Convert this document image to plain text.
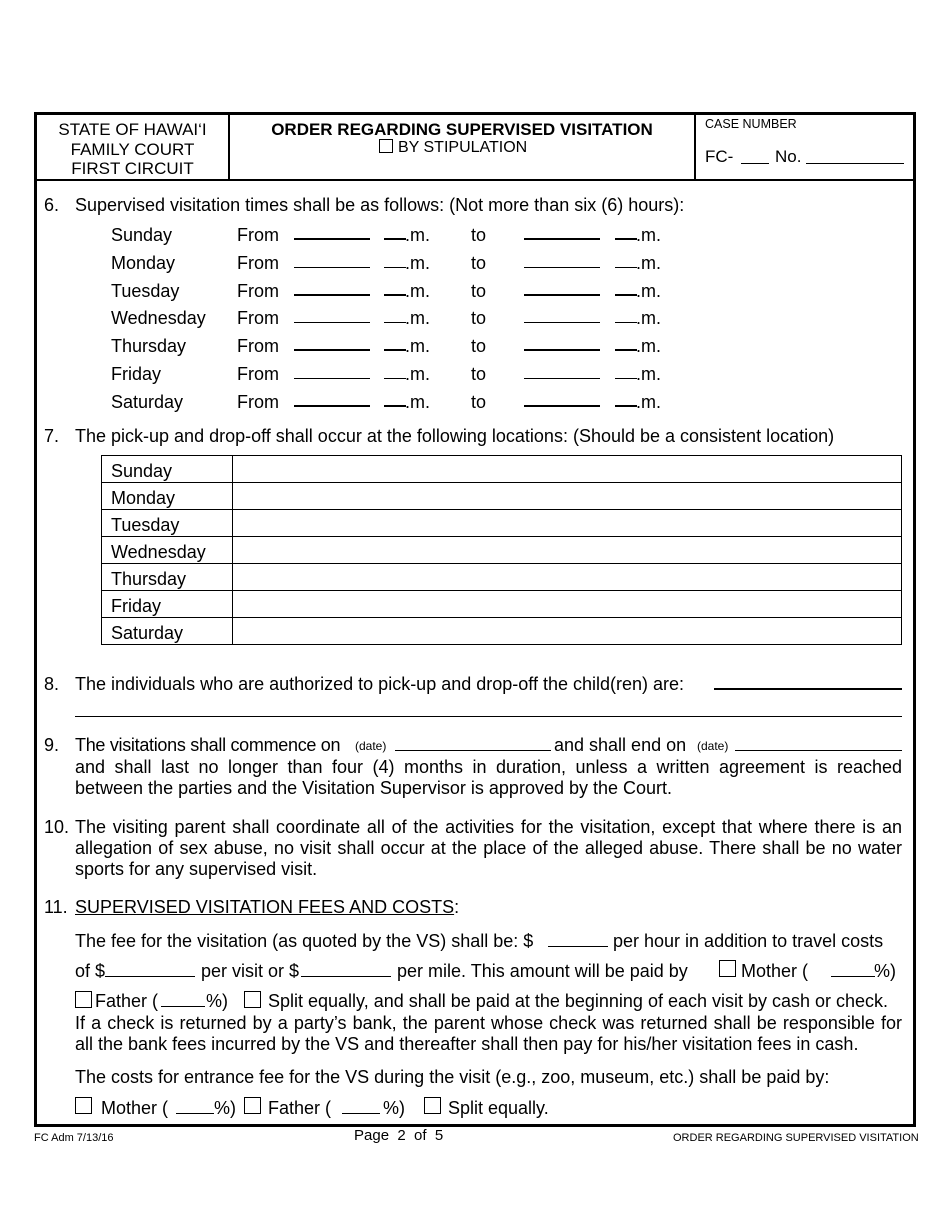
STATE OF HAWAI‘I
FAMILY COURT
FIRST CIRCUIT
ORDER REGARDING SUPERVISED VISITATION
BY STIPULATION
CASE NUMBER
FC- No.
6. Supervised visitation times shall be as follows: (Not more than six (6) hours):
Sunday	From	.m. to	.m.
Monday	From	.m. to	.m.
Tuesday	From	.m. to	.m.
Wednesday From	.m. to	.m.
Thursday	From	.m. to	.m.
Friday	From	.m. to	.m.
Saturday	From	.m. to	.m.
7. The pick-up and drop-off shall occur at the following locations: (Should be a consistent location)
Sunday	
Monday	
Tuesday	
Wednesday	
Thursday	
Friday	
Saturday	
8. The individuals who are authorized to pick-up and drop-off the child(ren) are:
9. The visitations shall commence on (date)	and shall end on (date)
and shall last no longer than four (4) months in duration, unless a written agreement is reached between the parties and the Visitation Supervisor is approved by the Court.
10. The visiting parent shall coordinate all of the activities for the visitation, except that where there is an allegation of sex abuse, no visit shall occur at the place of the alleged abuse. There shall be no water sports for any supervised visit.
11. SUPERVISED VISITATION FEES AND COSTS:
The fee for the visitation (as quoted by the VS) shall be: $	per hour in addition to travel costs
of $	per visit or $	per mile. This amount will be paid by	Mother (	%)
Father (	%) Split equally, and shall be paid at the beginning of each visit by cash or check.
If a check is returned by a party’s bank, the parent whose check was returned shall be responsible for all the bank fees incurred by the VS and thereafter shall then pay for his/her visitation fees in cash.
The costs for entrance fee for the VS during the visit (e.g., zoo, museum, etc.) shall be paid by:
Mother (	%) Father (	%) Split equally.
FC Adm 7/13/16	Page  2  of  5	ORDER REGARDING SUPERVISED VISITATION
